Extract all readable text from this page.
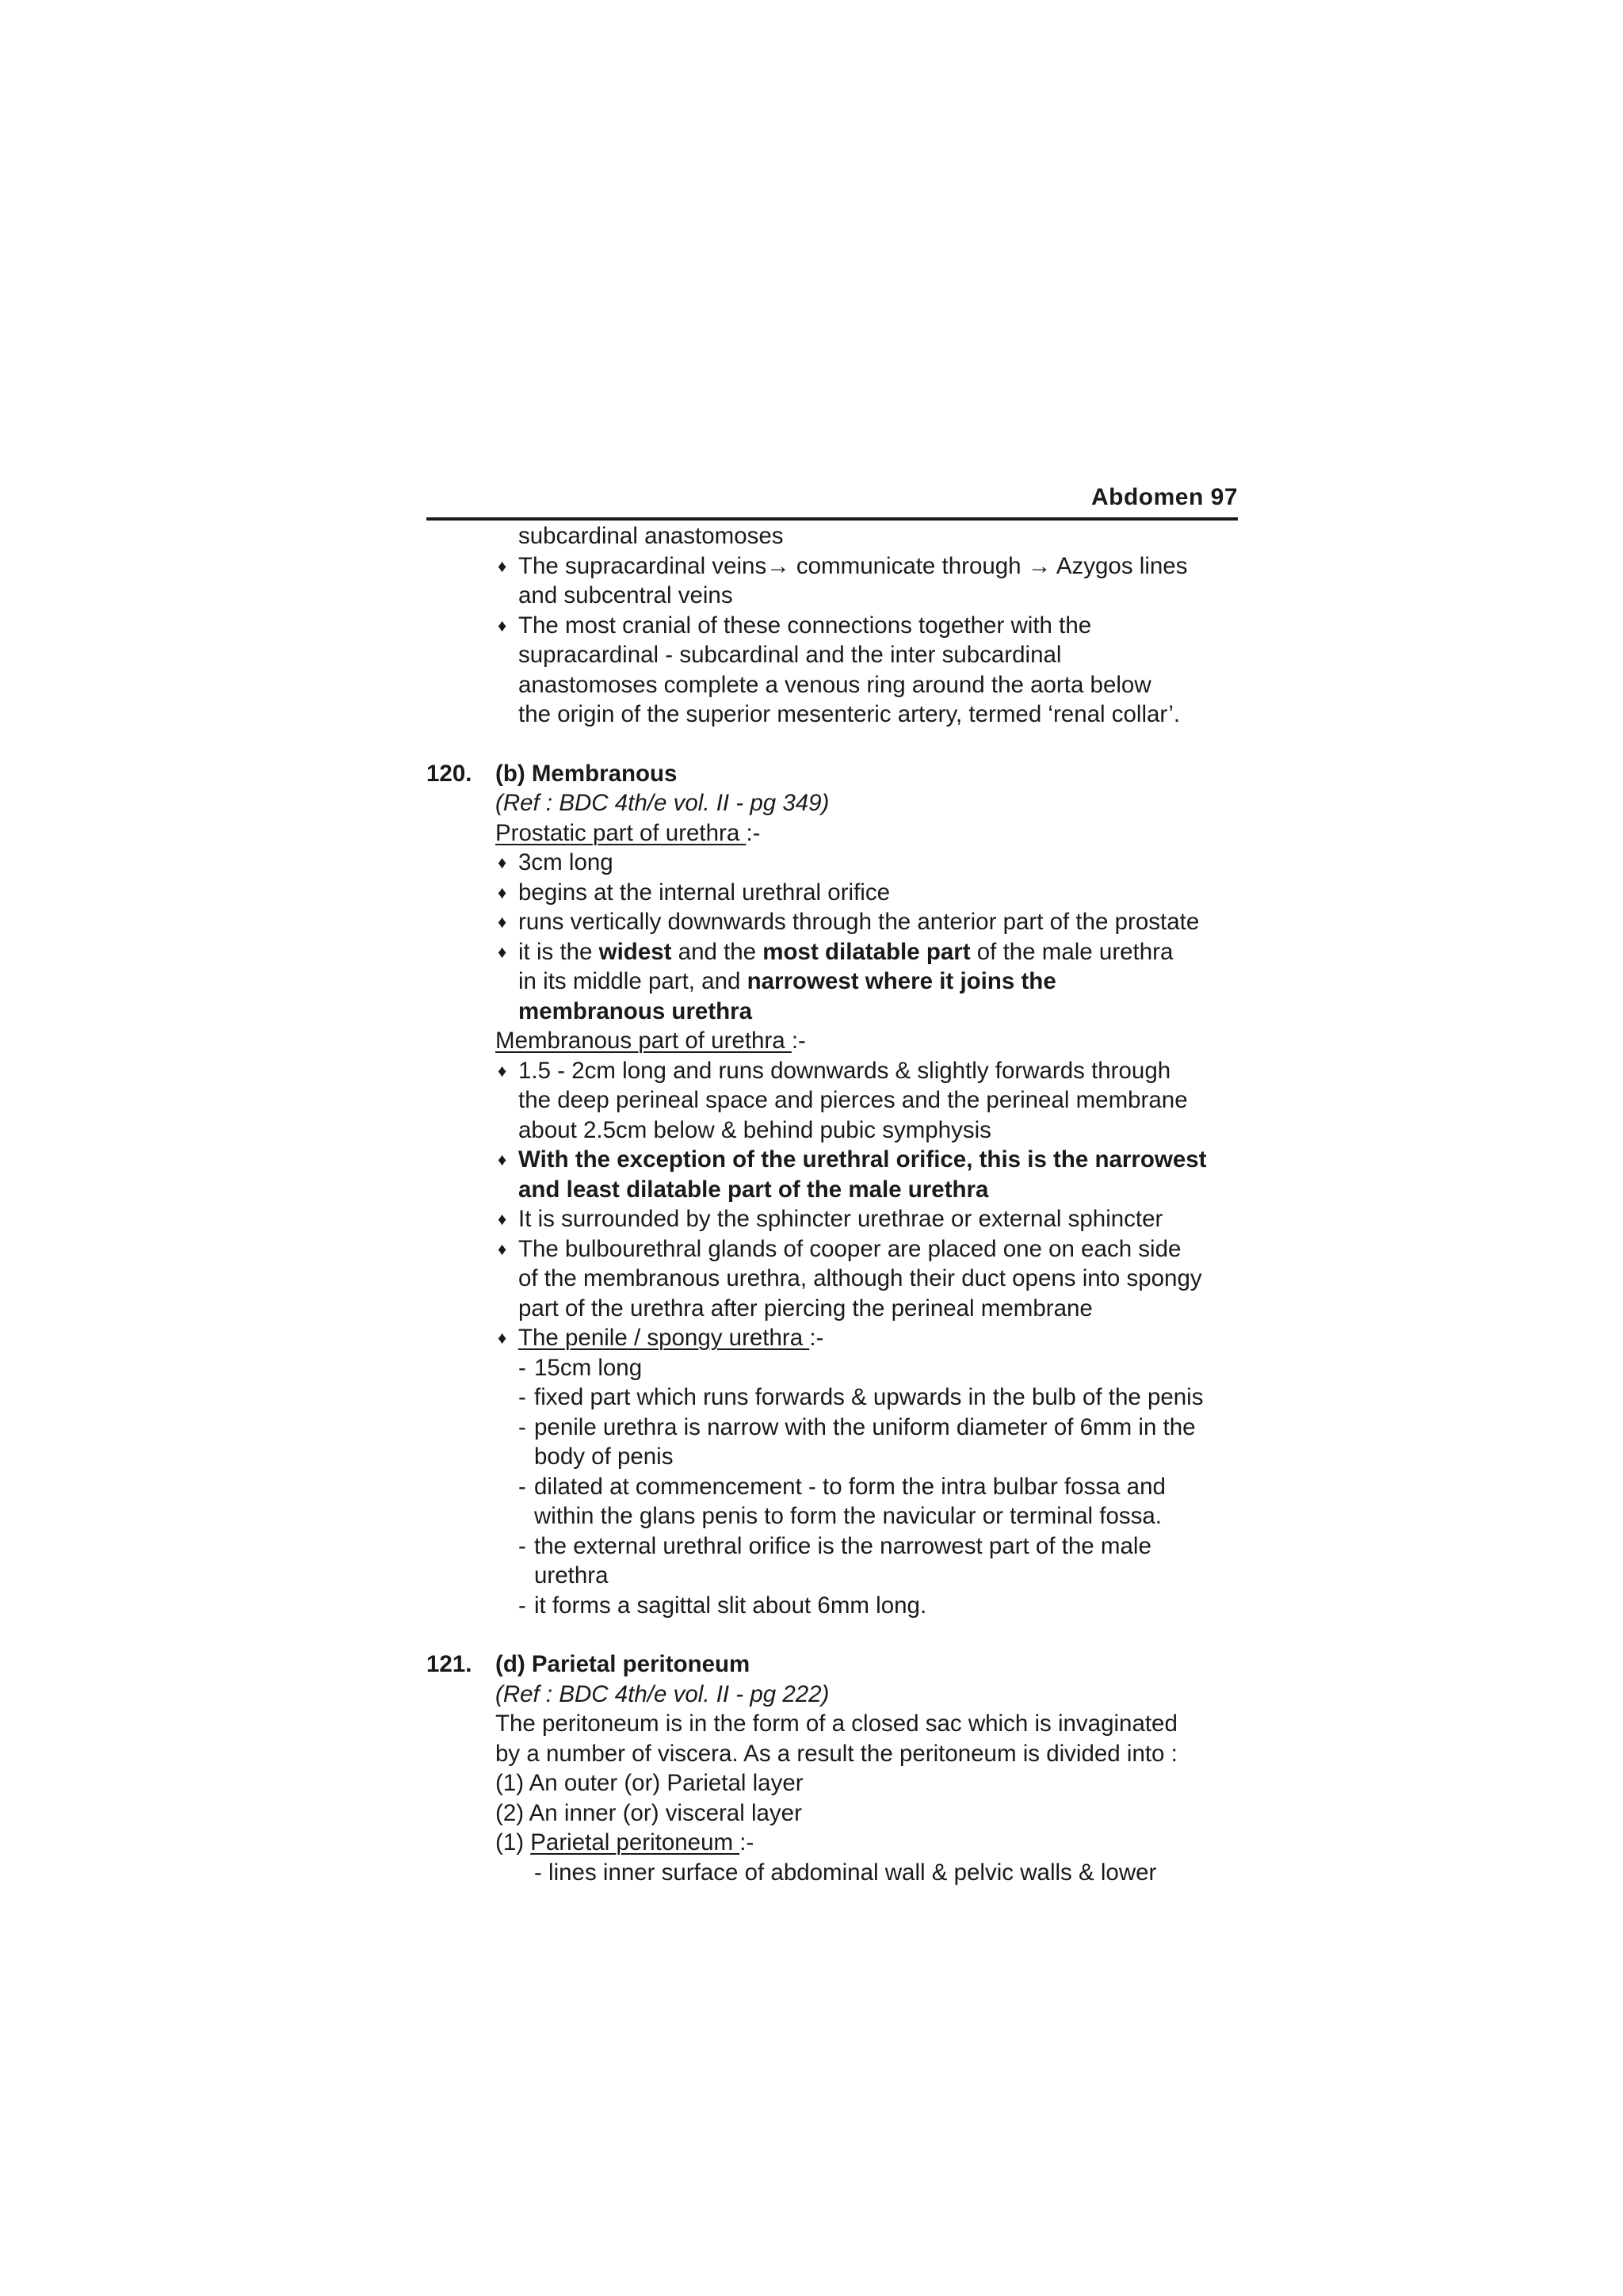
Abdomen 97
subcardinal anastomoses
♦ The supracardinal veins→ communicate through → Azygos lines
and subcentral veins
♦ The most cranial of these connections together with the
supracardinal - subcardinal and the inter subcardinal
anastomoses complete a venous ring around the aorta below
the origin of the superior mesenteric artery, termed ‘renal collar’.
120. (b) Membranous
(Ref : BDC 4th/e vol. II - pg 349)
Prostatic part of urethra :-
♦ 3cm long
♦ begins at the internal urethral orifice
♦ runs vertically downwards through the anterior part of the prostate
♦ it is the widest and the most dilatable part of the male urethra
in its middle part, and narrowest where it joins the
membranous urethra
Membranous part of urethra :-
♦ 1.5 - 2cm long and runs downwards & slightly forwards through
the deep perineal space and pierces and the perineal membrane
about 2.5cm below & behind pubic symphysis
♦ With the exception of the urethral orifice, this is the narrowest
and least dilatable part of the male urethra
♦ It is surrounded by the sphincter urethrae or external sphincter
♦ The bulbourethral glands of cooper are placed one on each side
of the membranous urethra, although their duct opens into spongy
part of the urethra after piercing the perineal membrane
♦ The penile / spongy urethra :-
- 15cm long
- fixed part which runs forwards & upwards in the bulb of the penis
- penile urethra is narrow with the uniform diameter of 6mm in the
body of penis
- dilated at commencement - to form the intra bulbar fossa and
within the glans penis to form the navicular or terminal fossa.
- the external urethral orifice is the narrowest part of the male
urethra
- it forms a sagittal slit about 6mm long.
121. (d) Parietal peritoneum
(Ref : BDC 4th/e vol. II - pg 222)
The peritoneum is in the form of a closed sac which is invaginated
by a number of viscera. As a result the peritoneum is divided into :
(1) An outer (or) Parietal layer
(2) An inner (or) visceral layer
(1) Parietal peritoneum :-
- lines inner surface of abdominal wall & pelvic walls & lower
